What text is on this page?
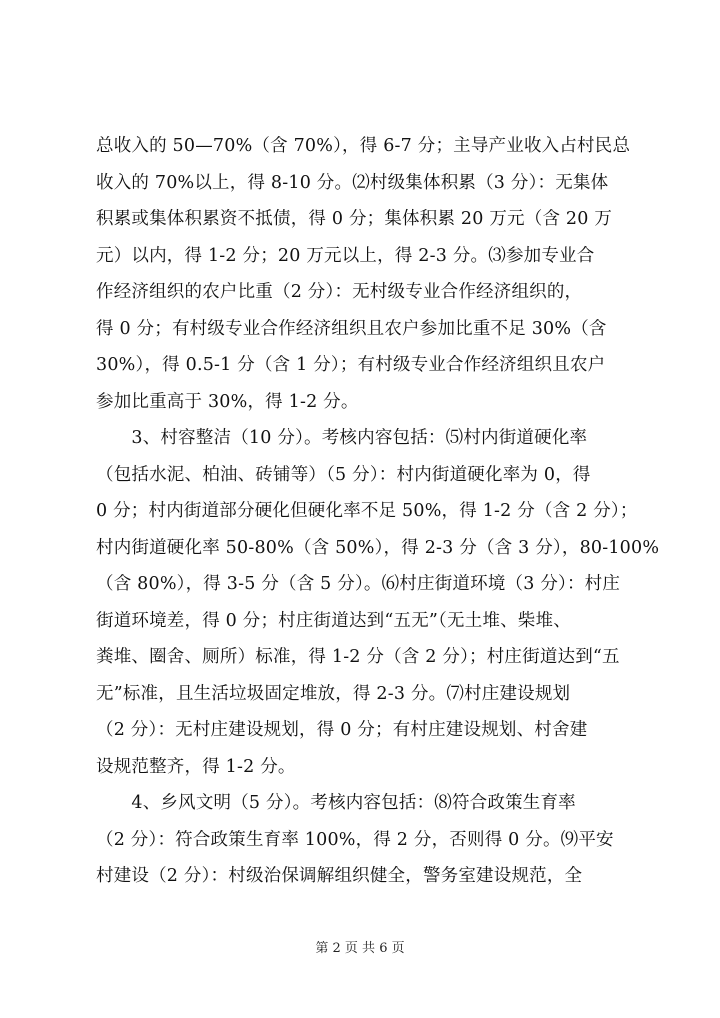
总收入的 50—70%（含 70%），得 6-7 分；主导产业收入占村民总
收入的 70%以上，得 8-10 分。⑵村级集体积累（3 分）：无集体
积累或集体积累资不抵债，得 0 分；集体积累 20 万元（含 20 万
元）以内，得 1-2 分；20 万元以上，得 2-3 分。⑶参加专业合
作经济组织的农户比重（2 分）：无村级专业合作经济组织的，
得 0 分；有村级专业合作经济组织且农户参加比重不足 30%（含
30%），得 0.5-1 分（含 1 分）；有村级专业合作经济组织且农户
参加比重高于 30%，得 1-2 分。
　　3、村容整洁（10 分）。考核内容包括：⑸村内街道硬化率
（包括水泥、柏油、砖铺等）（5 分）：村内街道硬化率为 0，得
0 分；村内街道部分硬化但硬化率不足 50%，得 1-2 分（含 2 分）；
村内街道硬化率 50-80%（含 50%），得 2-3 分（含 3 分），80-100%
（含 80%），得 3-5 分（含 5 分）。⑹村庄街道环境（3 分）：村庄
街道环境差，得 0 分；村庄街道达到“五无”（无土堆、柴堆、
粪堆、圈舍、厕所）标准，得 1-2 分（含 2 分）；村庄街道达到“五
无”标准，且生活垃圾固定堆放，得 2-3 分。⑺村庄建设规划
（2 分）：无村庄建设规划，得 0 分；有村庄建设规划、村舍建
设规范整齐，得 1-2 分。
　　4、乡风文明（5 分）。考核内容包括：⑻符合政策生育率
（2 分）：符合政策生育率 100%，得 2 分，否则得 0 分。⑼平安
村建设（2 分）：村级治保调解组织健全，警务室建设规范，全
第 2 页 共 6 页
